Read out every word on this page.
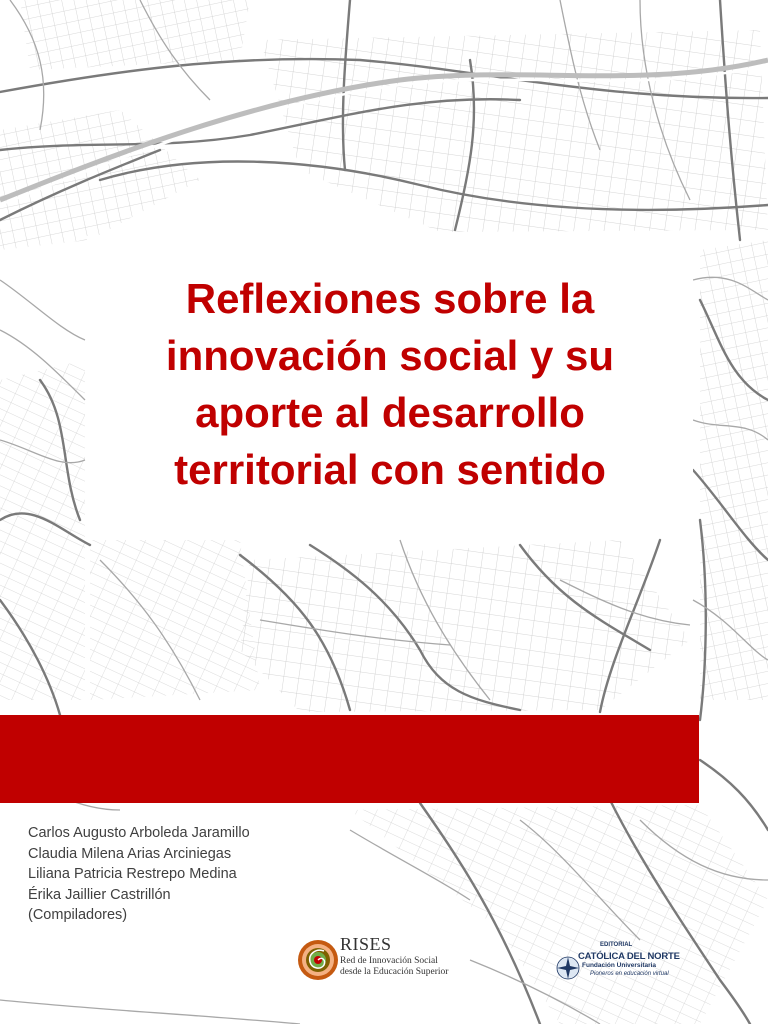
Reflexiones sobre la
innovación social y su
aporte al desarrollo
territorial con sentido
Carlos Augusto Arboleda Jaramillo
Claudia Milena Arias Arciniegas
Liliana Patricia Restrepo Medina
Érika Jaillier Castrillón
(Compiladores)
RISES
Red de Innovación Social
desde la Educación Superior
EDITORIAL
CATÓLICA DEL NORTE
Fundación Universitaria
Pioneros en educación virtual
